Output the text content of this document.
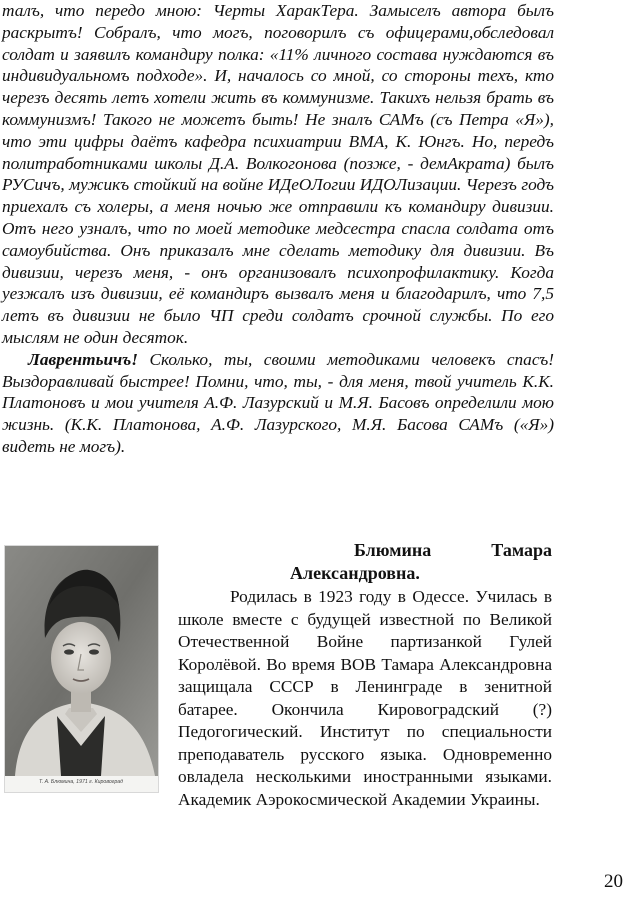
талъ, что передо мною: Черты ХаракТера. Замыселъ автора былъ раскрытъ! Собралъ, что могъ, поговорилъ съ офицерами,обследовал солдат и заявилъ командиру полка: «11% личного состава нуждаются въ индивидуальномъ подходе». И, началось со мной, со стороны техъ, кто черезъ десять летъ хотели жить въ коммунизме. Такихъ нельзя брать въ коммунизмъ! Такого не можетъ быть! Не зналъ САМъ (съ Петра «Я»), что эти цифры даётъ кафедра психиатрии ВМА, К. Юнгъ. Но, передъ политработниками школы Д.А. Волкогонова (позже, - демАкрата) былъ РУСичъ, мужикъ стойкий на войне ИДеОЛогии ИДОЛизации. Черезъ годъ приехалъ съ холеры, а меня ночью же отправили къ командиру дивизии. Отъ него узналъ, что по моей методике медсестра спасла солдата отъ самоубийства. Онъ приказалъ мне сделать методику для дивизии. Въ дивизии, черезъ меня, - онъ организовалъ психопрофилактику. Когда уезжалъ изъ дивизии, её командиръ вызвалъ меня и благодарилъ, что 7,5 летъ въ дивизии не было ЧП среди солдатъ срочной службы. По его мыслям не один десяток.

Лаврентьичъ! Сколько, ты, своими методиками человекъ спасъ! Выздоравливай быстрее! Помни, что, ты, - для меня, твой учитель К.К. Платоновъ и мои учителя А.Ф. Лазурский и М.Я. Басовъ определили мою жизнь. (К.К. Платонова, А.Ф. Лазурского, М.Я. Басова САМъ («Я») видеть не могъ).

Т. А. Блюмина, 1971 г. Кировоград
Блюмина	Тамара
Александровна.

Родилась в 1923 году в Одессе. Училась в школе вместе с будущей известной по Великой Отечественной Войне партизанкой Гулей Королёвой. Во время ВОВ Тамара Александровна защищала СССР в Ленинграде в зенитной батарее. Окончила Кировоградский (?) Педогогический. Институт по специальности преподаватель русского языка. Одновременно овладела несколькими иностранными языками. Академик Аэрокосмической Академии Украины.

20
